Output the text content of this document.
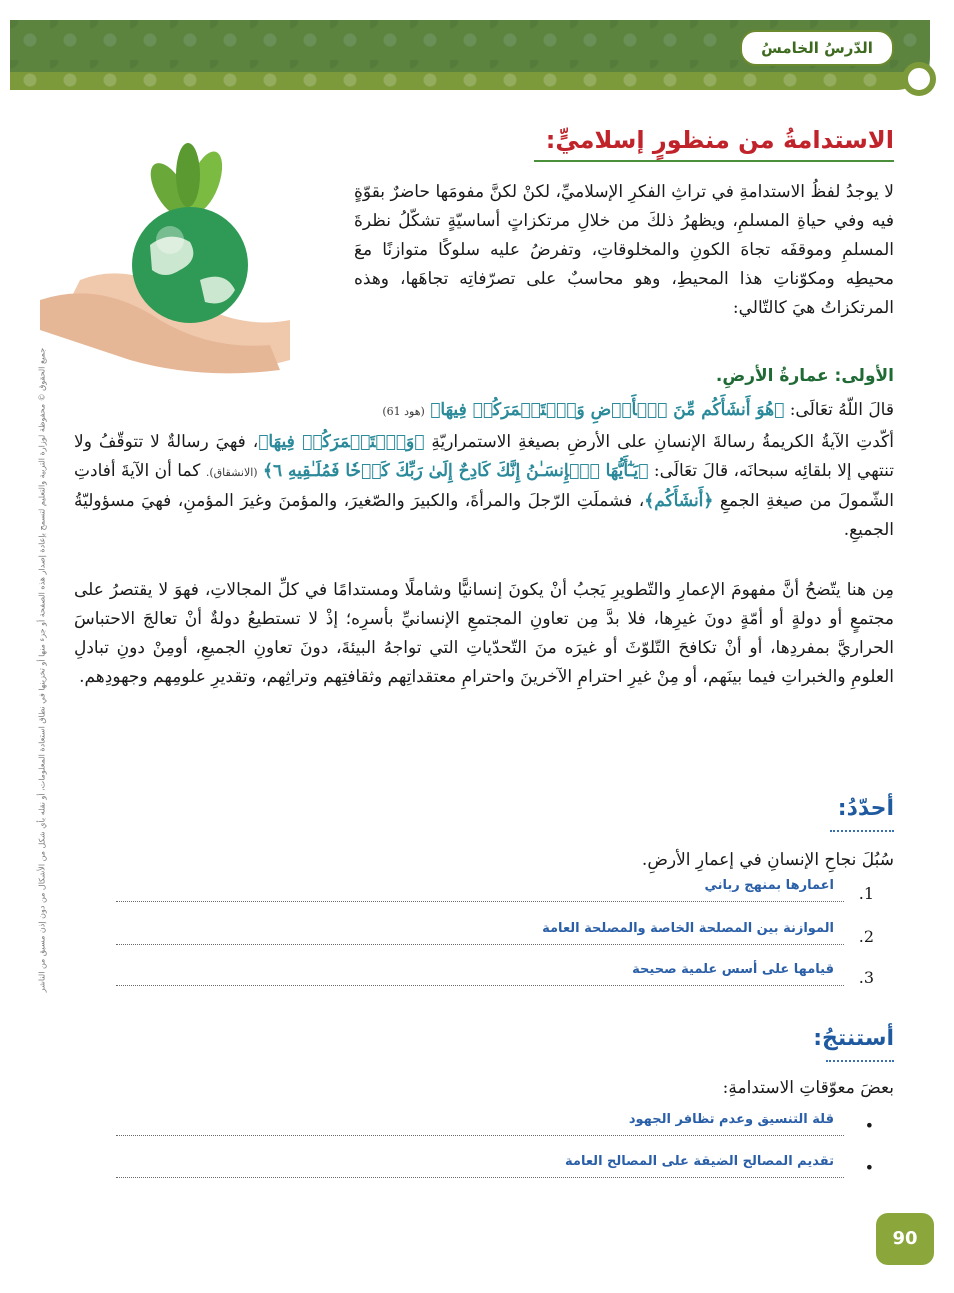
الدّرسُ الخامسُ
جميع الحقوق © محفوظة لوزارة التربية والتعليم لتسمح بإعادة إصدار هذه الصفحة أو جزء منها أو تخزينها في نطاق استعادة المعلومات، أو نقله بأي شكل من الأشكال من دون إذن مسبق من الناشر
الاستدامةُ من منظورٍ إسلاميٍّ:
لا يوجدُ لفظُ الاستدامةِ في تراثِ الفكرِ الإسلاميِّ، لكنْ لكنَّ مفومَها حاضرٌ بقوّةٍ فيه وفي حياةِ المسلمِ، ويظهرُ ذلكَ من خلالِ مرتكزاتٍ أساسيّةٍ تشكّلُ نظرةَ المسلمِ وموقفَه تجاهَ الكونِ والمخلوقاتِ، وتفرضُ عليه سلوكًا متوازنًا معَ محيطِه ومكوّناتِ هذا المحيطِ، وهو محاسبٌ على تصرّفاتِه تجاهَها، وهذه المرتكزاتُ هيَ كالتّالي:
الأولى: عمارةُ الأرضِ.
قالَ اللّهُ تعَالَى: ﴿هُوَ أَنشَأَكُم مِّنَ ٱلۡأَرۡضِ وَٱسۡتَعۡمَرَكُمۡ فِيهَا﴾ (هود 61)
أكّدتِ الآيةُ الكريمةُ رسالةَ الإنسانِ على الأرضِ بصيغةِ الاستمراريّةِ ﴿وَٱسۡتَعۡمَرَكُمۡ فِيهَا﴾، فهيَ رسالةٌ لا تتوقّفُ ولا تنتهي إلا بلقائِه سبحانَه، قالَ تعَالَى: ﴿يَـٰٓأَيُّهَا ٱلۡإِنسَـٰنُ إِنَّكَ كَادِحٌ إِلَىٰ رَبِّكَ كَدۡحٗا فَمُلَـٰقِيهِ ٦﴾ (الانشقاق). كما أن الآيةَ أفادتِ الشّمولَ من صيغةِ الجمعِ ﴿أَنشَأَكُم﴾، فشملَتِ الرّجلَ والمرأةَ، والكبيرَ والصّغيرَ، والمؤمنَ وغيرَ المؤمنِ، فهيَ مسؤوليّةُ الجميعِ.
مِن هنا يتّضحُ أنَّ مفهومَ الإعمارِ والتّطويرِ يَجبُ أنْ يكونَ إنسانيًّا وشاملًا ومستدامًا في كلِّ المجالاتِ، فهوَ لا يقتصرُ على مجتمعٍ أو دولةٍ أو أمّةٍ دونَ غيرِها، فلا بدَّ مِن تعاونِ المجتمعِ الإنسانيِّ بأسرِه؛ إذْ لا تستطيعُ دولةٌ أنْ تعالجَ الاحتباسَ الحراريَّ بمفردِها، أو أنْ تكافحَ التّلوّثَ أو غيرَه منَ التّحدّياتِ التي تواجهُ البيئةَ، دونَ تعاونِ الجميعِ، أومِنْ دونِ تبادلِ العلومِ والخبراتِ فيما بينَهم، أو مِنْ غيرِ احترامِ الآخرينَ واحترامِ معتقداتِهم وثقافتِهم وتراثِهم، وتقديرِ علومِهم وجهودِهم.
أحدّدُ:
سُبُلَ نجاحِ الإنسانِ في إعمارِ الأرضِ.
1.
اعمارها بمنهج رباني
2.
الموازنة بين المصلحة الخاصة والمصلحة العامة
3.
قيامها على أسس علمية صحيحة
أستنتجُ:
بعضَ معوّقاتِ الاستدامةِ:
•
قلة التنسيق وعدم تظافر الجهود
•
تقديم المصالح الضيقة على المصالح العامة
90
